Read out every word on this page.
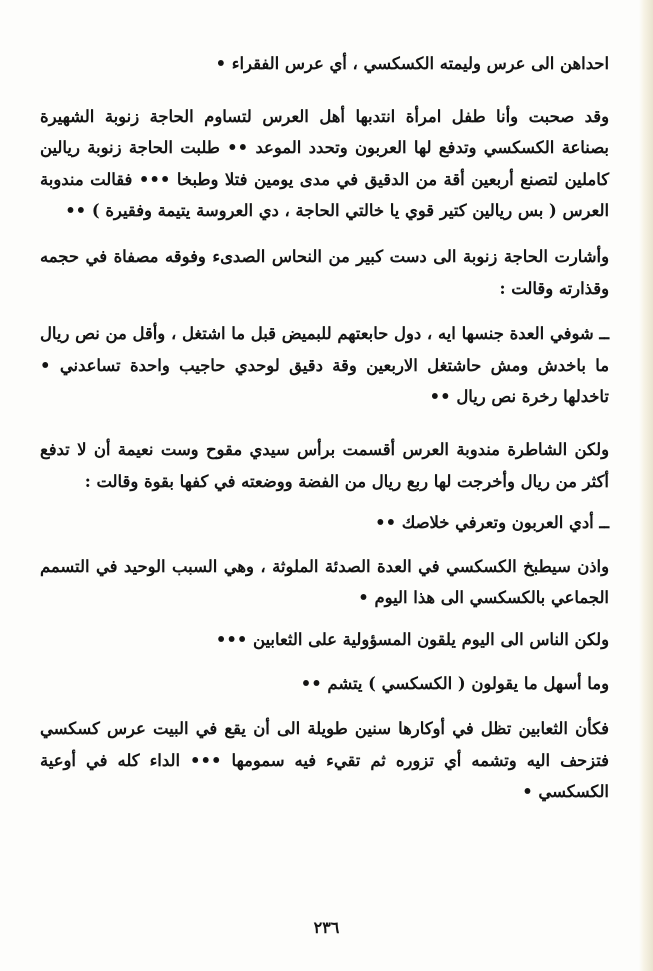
احداهن الى عرس وليمته الكسكسي ، أي عرس الفقراء •

وقد صحبت وأنا طفل امرأة انتدبها أهل العرس لتساوم الحاجة زنوبة الشهيرة بصناعة الكسكسي وتدفع لها العربون وتحدد الموعد •• طلبت الحاجة زنوبة ريالين كاملين لتصنع أربعين أقة من الدقيق في مدى يومين فتلا وطبخا ••• فقالت مندوبة العرس ( بس ريالين كتير قوي يا خالتي الحاجة ، دي العروسة يتيمة وفقيرة ) ••

وأشارت الحاجة زنوبة الى دست كبير من النحاس الصدىء وفوقه مصفاة في حجمه وقذارته وقالت :

ــ شوفي العدة جنسها ايه ، دول حابعتهم للبميض قبل ما اشتغل ، وأقل من نص ريال ما باخدش ومش حاشتغل الاربعين وقة دقيق لوحدي حاجيب واحدة تساعدني • تاخدلها رخرة نص ريال ••

ولكن الشاطرة مندوبة العرس أقسمت برأس سيدي مقوح وست نعيمة أن لا تدفع أكثر من ريال وأخرجت لها ربع ريال من الفضة ووضعته في كفها بقوة وقالت :

ــ أدي العربون وتعرفي خلاصك ••

واذن سيطبخ الكسكسي في العدة الصدئة الملوثة ، وهي السبب الوحيد في التسمم الجماعي بالكسكسي الى هذا اليوم •

ولكن الناس الى اليوم يلقون المسؤولية على الثعابين •••

وما أسهل ما يقولون ( الكسكسي ) يتشم ••

فكأن الثعابين تظل في أوكارها سنين طويلة الى أن يقع في البيت عرس كسكسي فتزحف اليه وتشمه أي تزوره ثم تقيء فيه سمومها ••• الداء كله في أوعية الكسكسي •

٢٣٦
